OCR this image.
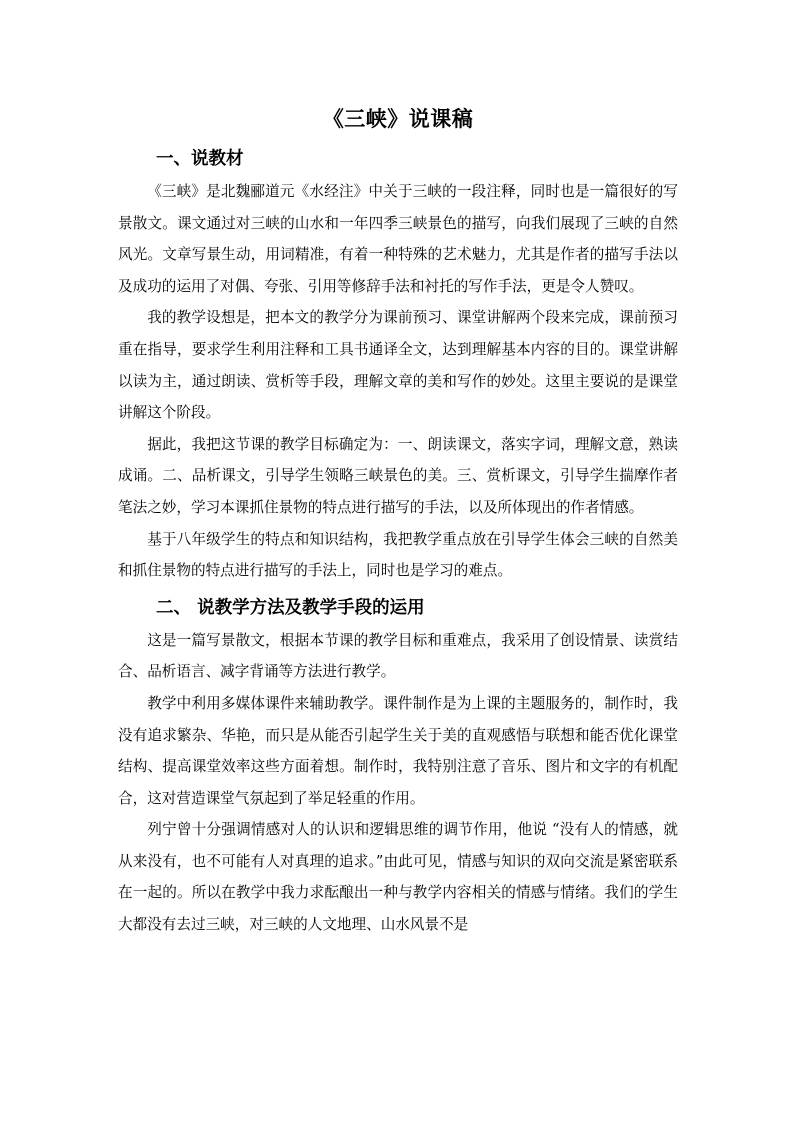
《三峡》说课稿
一、说教材

《三峡》是北魏郦道元《水经注》中关于三峡的一段注释，同时也是一篇很好的写景散文。课文通过对三峡的山水和一年四季三峡景色的描写，向我们展现了三峡的自然风光。文章写景生动，用词精准，有着一种特殊的艺术魅力，尤其是作者的描写手法以及成功的运用了对偶、夸张、引用等修辞手法和衬托的写作手法，更是令人赞叹。

我的教学设想是，把本文的教学分为课前预习、课堂讲解两个段来完成，课前预习重在指导，要求学生利用注释和工具书通译全文，达到理解基本内容的目的。课堂讲解以读为主，通过朗读、赏析等手段，理解文章的美和写作的妙处。这里主要说的是课堂讲解这个阶段。

据此，我把这节课的教学目标确定为：一、朗读课文，落实字词，理解文意，熟读成诵。二、品析课文，引导学生领略三峡景色的美。三、赏析课文，引导学生揣摩作者笔法之妙，学习本课抓住景物的特点进行描写的手法，以及所体现出的作者情感。

基于八年级学生的特点和知识结构，我把教学重点放在引导学生体会三峡的自然美和抓住景物的特点进行描写的手法上，同时也是学习的难点。

二、 说教学方法及教学手段的运用

这是一篇写景散文，根据本节课的教学目标和重难点，我采用了创设情景、读赏结合、品析语言、减字背诵等方法进行教学。

教学中利用多媒体课件来辅助教学。课件制作是为上课的主题服务的，制作时，我没有追求繁杂、华艳，而只是从能否引起学生关于美的直观感悟与联想和能否优化课堂结构、提高课堂效率这些方面着想。制作时，我特别注意了音乐、图片和文字的有机配合，这对营造课堂气氛起到了举足轻重的作用。

列宁曾十分强调情感对人的认识和逻辑思维的调节作用，他说 “没有人的情感，就从来没有，也不可能有人对真理的追求。”由此可见，情感与知识的双向交流是紧密联系在一起的。所以在教学中我力求酝酿出一种与教学内容相关的情感与情绪。我们的学生大都没有去过三峡，对三峡的人文地理、山水风景不是
